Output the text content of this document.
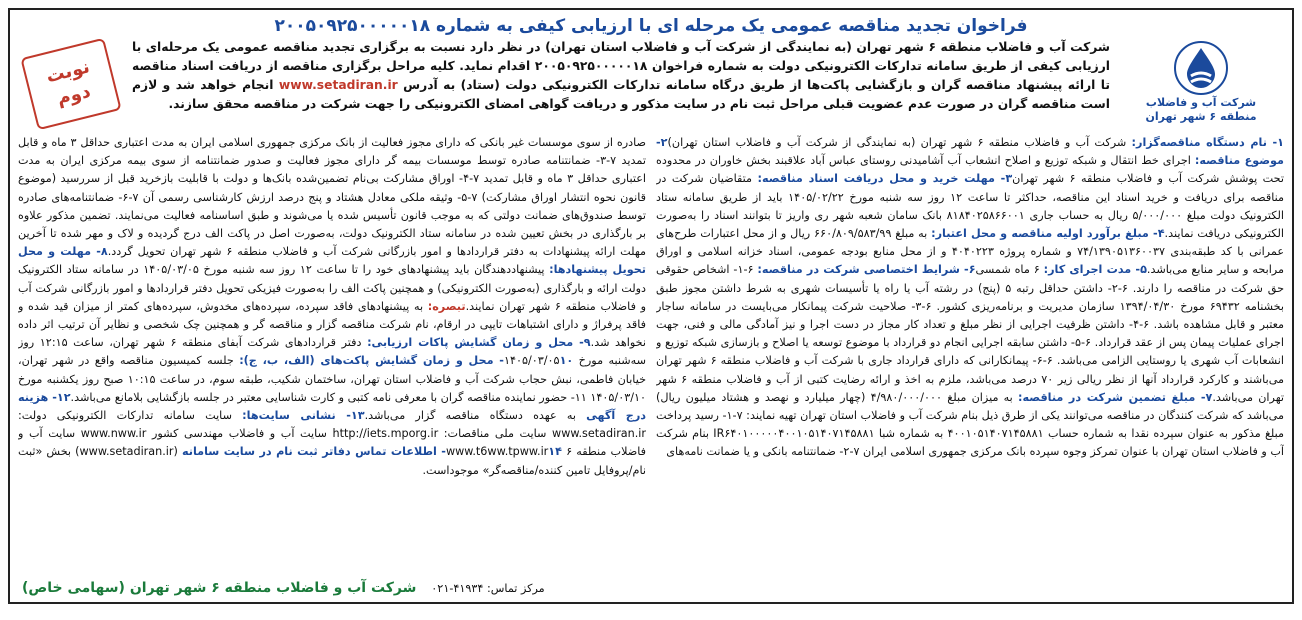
فراخوان تجدید مناقصه عمومی یک مرحله ای با ارزیابی کیفی به شماره ۲۰۰۵۰۹۲۵۰۰۰۰۰۱۸
شرکت آب و فاضلاب
منطقه ۶ شهر تهران
شرکت آب و فاضلاب منطقه ۶ شهر تهران (به نمایندگی از شرکت آب و فاضلاب استان تهران) در نظر دارد نسبت به برگزاری تجدید مناقصه عمومی یک مرحله‌ای با ارزیابی کیفی از طریق سامانه تدارکات الکترونیکی دولت به شماره فراخوان ۲۰۰۵۰۹۲۵۰۰۰۰۰۱۸ اقدام نماید. کلیه مراحل برگزاری مناقصه از دریافت اسناد مناقصه تا ارائه پیشنهاد مناقصه گران و بازگشایی پاکت‌ها از طریق درگاه سامانه تدارکات الکترونیکی دولت (ستاد) به آدرس www.setadiran.ir انجام خواهد شد و لازم است مناقصه گران در صورت عدم عضویت قبلی مراحل ثبت نام در سایت مذکور و دریافت گواهی امضای الکترونیکی را جهت شرکت در مناقصه محقق سازند.
نوبت
دوم
۱- نام دستگاه مناقصه‌گزار: شرکت آب و فاضلاب منطقه ۶ شهر تهران (به نمایندگی از شرکت آب و فاضلاب استان تهران)۲- موضوع مناقصه: اجرای خط انتقال و شبکه توزیع و اصلاح انشعاب آب آشامیدنی روستای عباس آباد علاقبند بخش خاوران در محدوده تحت پوشش شرکت آب و فاضلاب منطقه ۶ شهر تهران۳- مهلت خرید و محل دریافت اسناد مناقصه: متقاضیان شرکت در مناقصه برای دریافت و خرید اسناد این مناقصه، حداکثر تا ساعت ۱۲ روز سه شنبه مورخ ۱۴۰۵/۰۲/۲۲ باید از طریق سامانه ستاد الکترونیک دولت مبلغ ۵/۰۰۰/۰۰۰ ریال به حساب جاری ۸۱۸۴۰۲۵۸۶۶۰۰۱ بانک سامان شعبه شهر ری واریز تا بتوانند اسناد را به‌صورت الکترونیکی دریافت نمایند.۴- مبلغ برآورد اولیه مناقصه و محل اعتبار: به مبلغ ۶۶۰/۸۰۹/۵۸۳/۹۹ ریال و از محل اعتبارات طرح‌های عمرانی با کد طبقه‌بندی ۷۴/۱۳۹۰۵۱۳۶۰۰۳۷ و شماره پروژه ۴۰۴۰۲۲۳ و از محل منابع بودجه عمومی، اسناد خزانه اسلامی و اوراق مرابحه و سایر منابع می‌باشد.۵- مدت اجرای کار: ۶ ماه شمسی۶- شرایط اختصاصی شرکت در مناقصه: ۶-۱- اشخاص حقوقی حق شرکت در مناقصه را دارند. ۶-۲- داشتن حداقل رتبه ۵ (پنج) در رشته آب یا راه یا تأسیسات شهری به شرط داشتن مجوز طبق بخشنامه ۶۹۴۳۲ مورخ ۱۳۹۴/۰۴/۳۰ سازمان مدیریت و برنامه‌ریزی کشور. ۶-۳- صلاحیت شرکت پیمانکار می‌بایست در سامانه ساجار معتبر و قابل مشاهده باشد. ۶-۴- داشتن ظرفیت اجرایی از نظر مبلغ و تعداد کار مجاز در دست اجرا و نیز آمادگی مالی و فنی، جهت اجرای عملیات پیمان پس از عقد قرارداد. ۶-۵- داشتن سابقه اجرایی انجام دو قرارداد با موضوع توسعه یا اصلاح و بازسازی شبکه توزیع و انشعابات آب شهری یا روستایی الزامی می‌باشد. ۶-۶- پیمانکارانی که دارای قرارداد جاری با شرکت آب و فاضلاب منطقه ۶ شهر تهران می‌باشند و کارکرد قرارداد آنها از نظر ریالی زیر ۷۰ درصد می‌باشد، ملزم به اخذ و ارائه رضایت کتبی از آب و فاضلاب منطقه ۶ شهر تهران می‌باشد.۷- مبلغ تضمین شرکت در مناقصه: به میزان مبلغ ۴/۹۸۰/۰۰۰/۰۰۰ (چهار میلیارد و نهصد و هشتاد میلیون ریال) می‌باشد که شرکت کنندگان در مناقصه می‌توانند یکی از طرق ذیل بنام شرکت آب و فاضلاب استان تهران تهیه نمایند: ۷-۱- رسید پرداخت مبلغ مذکور به عنوان سپرده نقدا به شماره حساب ۴۰۰۱۰۵۱۴۰۷۱۴۵۸۸۱ به شماره شبا IR۶۴۰۱۰۰۰۰۰۴۰۰۱۰۵۱۴۰۷۱۴۵۸۸۱ بنام شرکت آب و فاضلاب استان تهران با عنوان تمرکز وجوه سپرده بانک مرکزی جمهوری اسلامی ایران ۷-۲- ضمانتنامه بانکی و یا ضمانت نامه‌های
صادره از سوی موسسات غیر بانکی که دارای مجوز فعالیت از بانک مرکزی جمهوری اسلامی ایران به مدت اعتباری حداقل ۳ ماه و قابل تمدید ۷-۳- ضمانتنامه صادره توسط موسسات بیمه گر دارای مجوز فعالیت و صدور ضمانتنامه از سوی بیمه مرکزی ایران به مدت اعتباری حداقل ۳ ماه و قابل تمدید ۷-۴- اوراق مشارکت بی‌نام تضمین‌شده بانک‌ها و دولت با قابلیت بازخرید قبل از سررسید (موضوع قانون نحوه انتشار اوراق مشارکت) ۷-۵- وثیقه ملکی معادل هشتاد و پنج درصد ارزش کارشناسی رسمی آن ۷-۶- ضمانتنامه‌های صادره توسط صندوق‌های ضمانت دولتی که به موجب قانون تأسیس شده یا می‌شوند و طبق اساسنامه فعالیت می‌نمایند. تضمین مذکور علاوه بر بارگذاری در بخش تعیین شده در سامانه ستاد الکترونیک دولت، به‌صورت اصل در پاکت الف درج گردیده و لاک و مهر شده تا آخرین مهلت ارائه پیشنهادات به دفتر قراردادها و امور بازرگانی شرکت آب و فاضلاب منطقه ۶ شهر تهران تحویل گردد.۸- مهلت و محل تحویل پیشنهادها: پیشنهاددهندگان باید پیشنهادهای خود را تا ساعت ۱۲ روز سه شنبه مورخ ۱۴۰۵/۰۳/۰۵ در سامانه ستاد الکترونیک دولت ارائه و بارگذاری (به‌صورت الکترونیکی) و همچنین پاکت الف را به‌صورت فیزیکی تحویل دفتر قراردادها و امور بازرگانی شرکت آب و فاضلاب منطقه ۶ شهر تهران نمایند.تبصره: به پیشنهادهای فاقد سپرده، سپرده‌های مخدوش، سپرده‌های کمتر از میزان قید شده و فاقد پرفراژ و دارای اشتباهات تایپی در ارقام، نام شرکت مناقصه گزار و مناقصه گر و همچنین چک شخصی و نظایر آن ترتیب اثر داده نخواهد شد.۹- محل و زمان گشایش پاکات ارزیابی: دفتر قراردادهای شرکت آبفای منطقه ۶ شهر تهران، ساعت ۱۲:۱۵ روز سه‌شنبه مورخ ۱۴۰۵/۰۳/۰۵۱۰- محل و زمان گشایش پاکت‌های (الف، ب، ج): جلسه کمیسیون مناقصه واقع در شهر تهران، خیابان فاطمی، نبش حجاب شرکت آب و فاضلاب استان تهران، ساختمان شکیب، طبقه سوم، در ساعت ۱۰:۱۵ صبح روز یکشنبه مورخ ۱۴۰۵/۰۳/۱۰ ۱۱- حضور نماینده مناقصه گران با معرفی نامه کتبی و کارت شناسایی معتبر در جلسه بازگشایی بلامانع می‌باشد.۱۲- هزینه درج آگهی به عهده دستگاه مناقصه گزار می‌باشد.۱۳- نشانی سایت‌ها: سایت سامانه تدارکات الکترونیکی دولت: www.setadiran.ir سایت ملی مناقصات: http://iets.mporg.ir سایت آب و فاضلاب مهندسی کشور www.nww.ir سایت آب و فاضلاب منطقه ۶ www.t6ww.tpww.ir۱۴- اطلاعات تماس دفاتر ثبت نام در سایت سامانه (www.setadiran.ir) بخش «ثبت نام/پروفایل تامین کننده/مناقصه‌گر» موجوداست.
مرکز تماس: ۴۱۹۳۴-۰۲۱ شرکت آب و فاضلاب منطقه ۶ شهر تهران (سهامی خاص)
